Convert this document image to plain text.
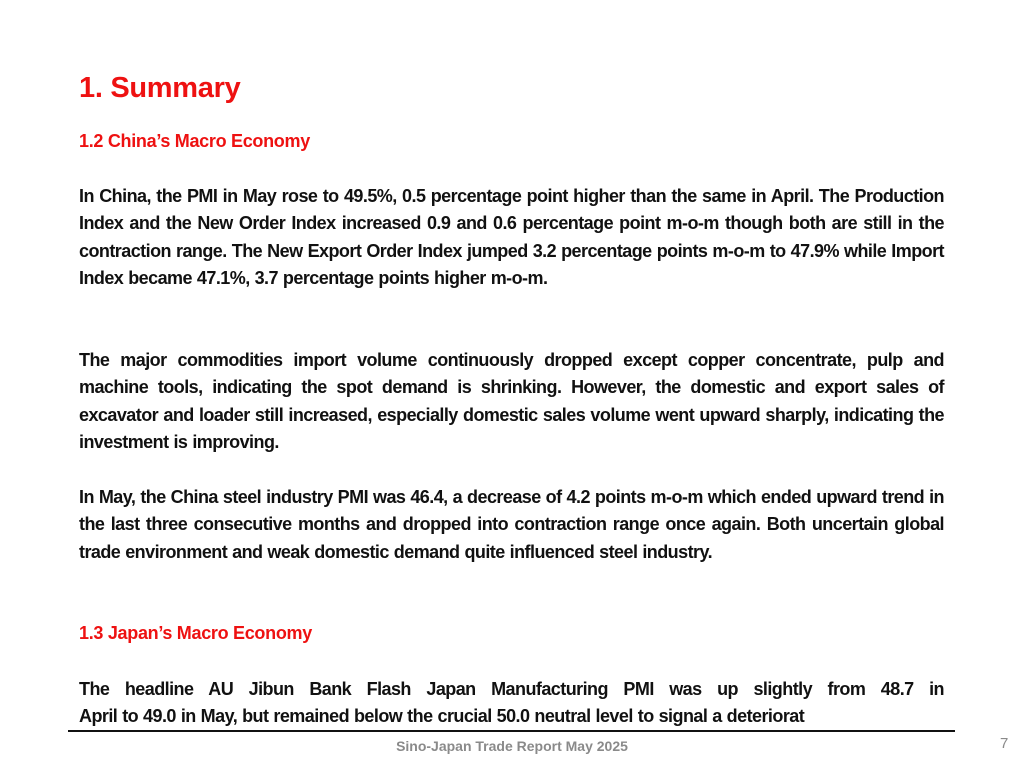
1. Summary
1.2 China’s Macro Economy
In China, the PMI in May rose to 49.5%, 0.5 percentage point higher than the same in April. The Production Index and the New Order Index increased 0.9 and 0.6 percentage point m-o-m though both are still in the contraction range. The New Export Order Index jumped 3.2 percentage points m-o-m to 47.9% while Import Index became 47.1%, 3.7 percentage points higher m-o-m.
The major commodities import volume continuously dropped except copper concentrate, pulp and machine tools, indicating the spot demand is shrinking. However, the domestic and export sales of excavator and loader still increased, especially domestic sales volume went upward sharply, indicating the investment is improving.
In May, the China steel industry PMI was 46.4, a decrease of 4.2 points m-o-m which ended upward trend in the last three consecutive months and dropped into contraction range once again. Both uncertain global trade environment and weak domestic demand quite influenced steel industry.
1.3 Japan’s Macro Economy
The headline AU Jibun Bank Flash Japan Manufacturing PMI was up slightly from 48.7 in
April to 49.0 in May, but remained below the crucial 50.0 neutral level to signal a deteriorat
Sino-Japan Trade Report May 2025	7
